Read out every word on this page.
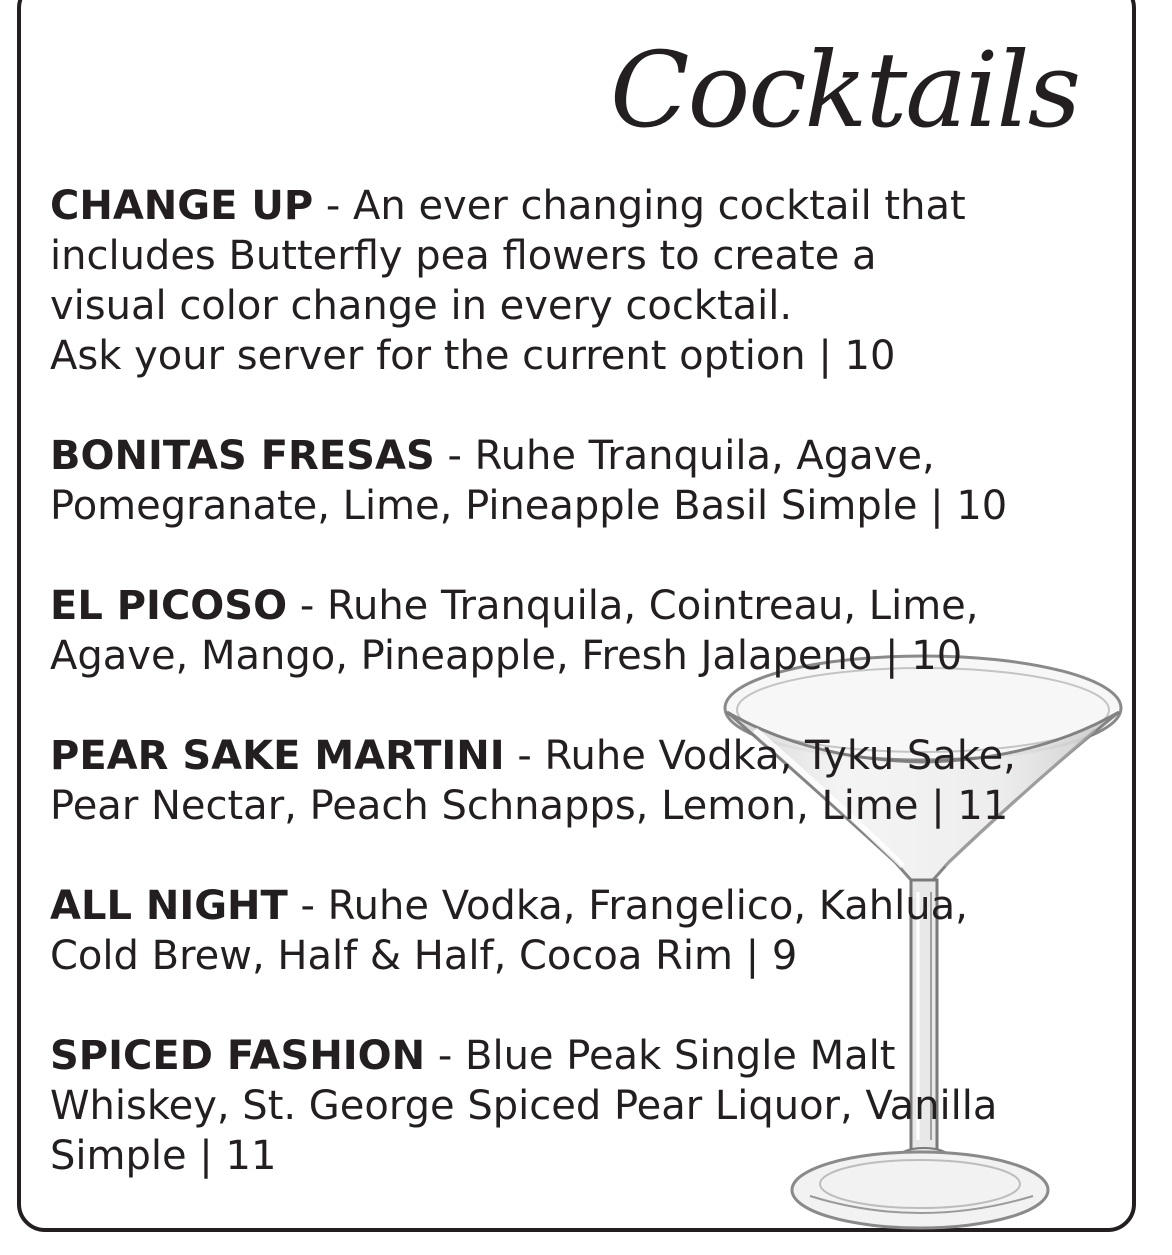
Cocktails
CHANGE UP - An ever changing cocktail that
includes Butterfly pea flowers to create a
visual color change in every cocktail.
Ask your server for the current option | 10
BONITAS FRESAS - Ruhe Tranquila, Agave,
Pomegranate, Lime, Pineapple Basil Simple | 10
EL PICOSO - Ruhe Tranquila, Cointreau, Lime,
Agave, Mango, Pineapple, Fresh Jalapeno | 10
PEAR SAKE MARTINI - Ruhe Vodka, Tyku Sake,
Pear Nectar, Peach Schnapps, Lemon, Lime | 11
ALL NIGHT - Ruhe Vodka, Frangelico, Kahlua,
Cold Brew, Half & Half, Cocoa Rim | 9
SPICED FASHION - Blue Peak Single Malt
Whiskey, St. George Spiced Pear Liquor, Vanilla
Simple | 11
